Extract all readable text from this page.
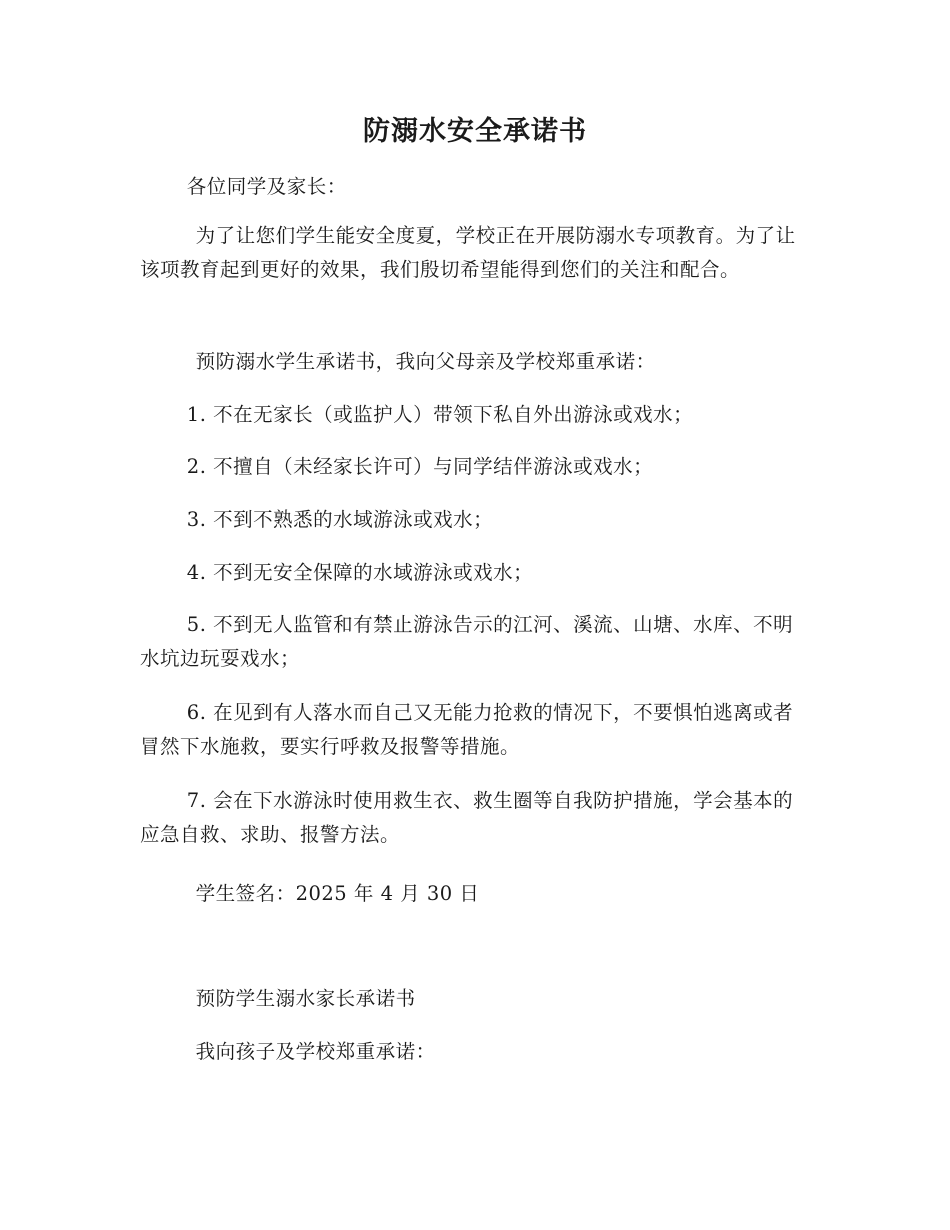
防溺水安全承诺书
各位同学及家长：
为了让您们学生能安全度夏，学校正在开展防溺水专项教育。为了让该项教育起到更好的效果，我们殷切希望能得到您们的关注和配合。
预防溺水学生承诺书，我向父母亲及学校郑重承诺：
1. 不在无家长（或监护人）带领下私自外出游泳或戏水；
2. 不擅自（未经家长许可）与同学结伴游泳或戏水；
3. 不到不熟悉的水域游泳或戏水；
4. 不到无安全保障的水域游泳或戏水；
5. 不到无人监管和有禁止游泳告示的江河、溪流、山塘、水库、不明水坑边玩耍戏水；
6. 在见到有人落水而自己又无能力抢救的情况下，不要惧怕逃离或者冒然下水施救，要实行呼救及报警等措施。
7. 会在下水游泳时使用救生衣、救生圈等自我防护措施，学会基本的应急自救、求助、报警方法。
学生签名：2025 年 4 月 30 日
预防学生溺水家长承诺书
我向孩子及学校郑重承诺：
